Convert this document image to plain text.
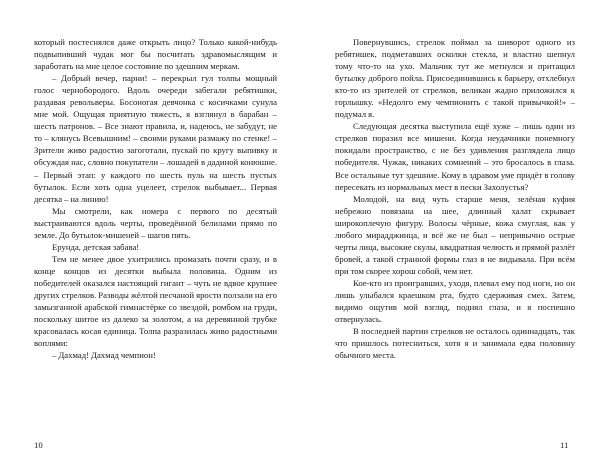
который постеснялся даже открыть лицо? Только какой-нибудь подвыпивший чудак мог бы посчитать здравомыслящим и заработать на мне целое состояние по здешним меркам.

– Добрый вечер, парни! – перекрыл гул толпы мощный голос чернобородого. Вдоль очереди забегали ребятишки, раздавая револьверы. Босоногая девчонка с косичками сунула мне мой. Ощущая приятную тяжесть, я взглянул в барабан – шесть патронов. – Все знают правила, и, надеюсь, не забудут, не то – клянусь Всевышним! – своими руками размажу по стенке! – Зрители живо радостно загоготали, пускай по кругу выпивку и обсуждая нас, словно покупатели – лошадей в дадиной конюшне. – Первый этап: у каждого по шесть пуль на шесть пустых бутылок. Если хоть одна уцелеет, стрелок выбывает... Первая десятка – на линию!

Мы смотрели, как номера с первого по десятый выстраиваются вдоль черты, проведённой белилами прямо по земле. До бутылок-мишеней – шагов пять.

Ерунда, детская забава!

Тем не менее двое ухитрились промазать почти сразу, и в конце концов из десятки выбыла половина. Одним из победителей оказался настоящий гигант – чуть не вдвое крупнее других стрелков. Разводы жёлтой песчаной ярости ползали на его замызганной арабской гимнастёрке со звездой, ромбом на груди, поскольку шитое из далеко за золотом, а на деревянной трубке красовалась косая единица. Толпа разразилась живо радостными воплями:

– Дахмад! Дахмад чемпион!

Повернувшись, стрелок поймал за шиворот одного из ребятишек, подметавших осколки стекла, и властно шепнул тому что-то на ухо. Мальчик тут же метнулся и притащил бутылку доброго пойла. Присоединившись к барьеру, отхлебнул кто-то из зрителей от стрелков, великан жадно приложился к горлышку. «Недолго ему чемпионить с такой привычкой!» – подумал я.

Следующая десятка выступила ещё хуже – лишь один из стрелков поразил все мишени. Когда неудачники понемногу покидали пространство, с не без удивления разглядела лицо победителя. Чужак, никаких сомнений – это бросалось в глаза. Все остальные тут здешние. Кому в здравом уме придёт в голову пересекать из нормальных мест в пески Захолустья?

Молодой, на вид чуть старше меня, зелёная куфия небрежно повязана на шее, длинный халат скрывает широкоплечую фигуру. Волосы чёрные, кожа смуглая, как у любого мирадджинца, и всё же не был – непривычно острые черты лица, высокие скулы, квадратная челюсть и прямой разлёт бровей, а такой странной формы глаз я не видывала. При всём при том скорее хорош собой, чем нет.

Кое-кто из проигравших, уходя, плевал ему под ноги, но он лишь улыбался краешком рта, будто сдерживая смех. Затем, видимо ощутив мой взгляд, поднял глаза, и я поспешно отвернулась.

В последней партии стрелков не осталось одиннадцать, так что пришлось потесниться, хотя я и занимала едва половину обычного места.

10	11
